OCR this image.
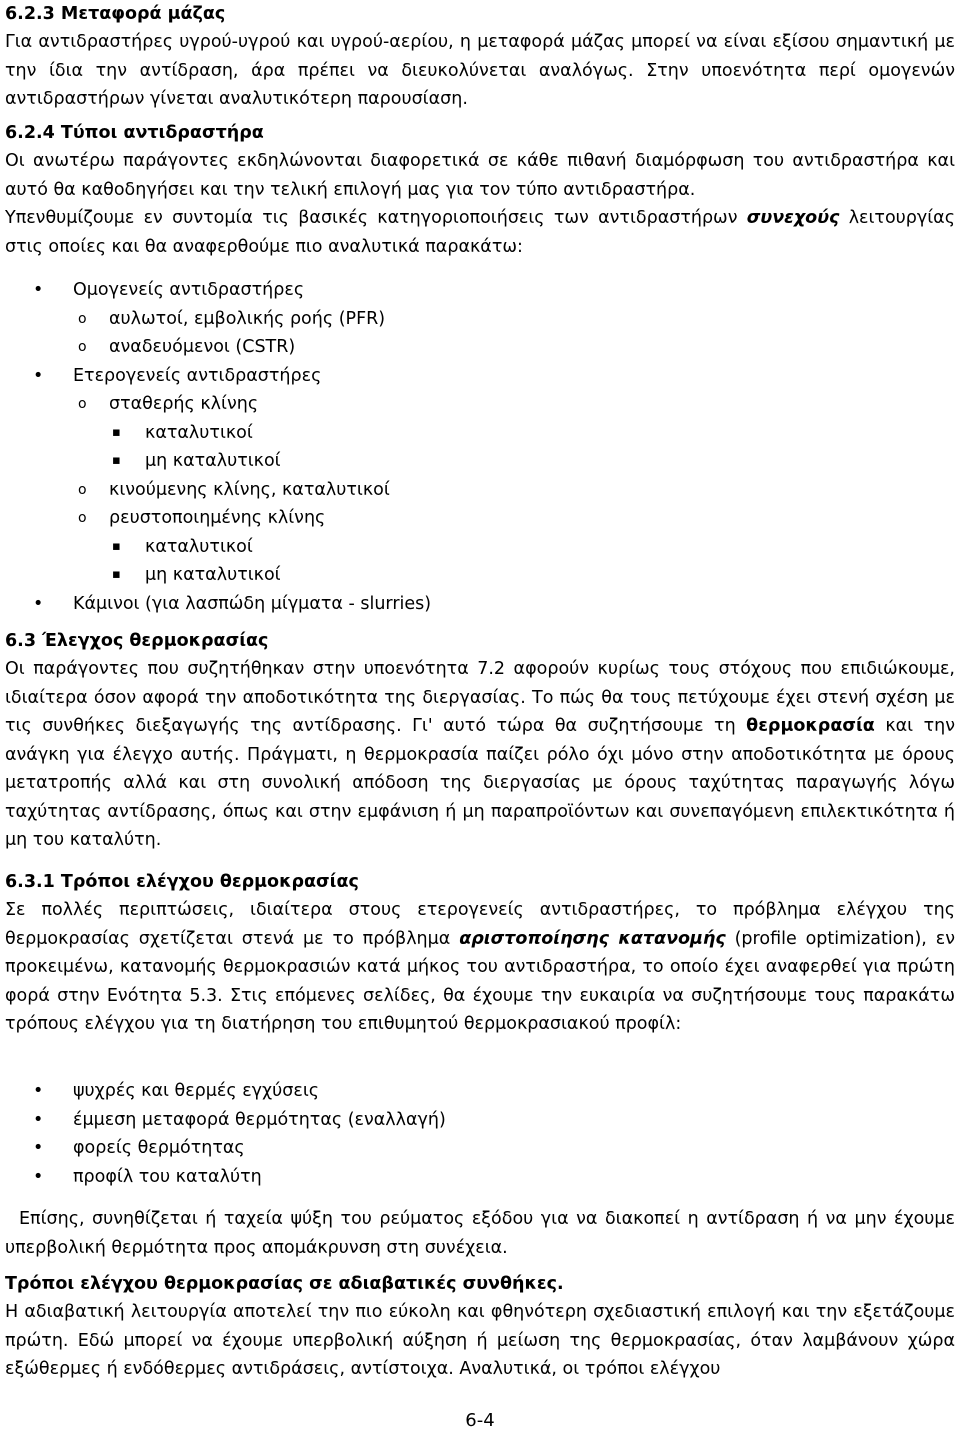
6.2.3 Μεταφορά μάζας

Για αντιδραστήρες υγρού-υγρού και υγρού-αερίου, η μεταφορά μάζας μπορεί να είναι εξίσου σημαντική με την ίδια την αντίδραση, άρα πρέπει να διευκολύνεται αναλόγως. Στην υποενότητα περί ομογενών αντιδραστήρων γίνεται αναλυτικότερη παρουσίαση.

6.2.4 Τύποι αντιδραστήρα

Οι ανωτέρω παράγοντες εκδηλώνονται διαφορετικά σε κάθε πιθανή διαμόρφωση του αντιδραστήρα και αυτό θα καθοδηγήσει και την τελική επιλογή μας για τον τύπο αντιδραστήρα.

Υπενθυμίζουμε εν συντομία τις βασικές κατηγοριοποιήσεις των αντιδραστήρων συνεχούς λειτουργίας στις οποίες και θα αναφερθούμε πιο αναλυτικά παρακάτω:

• Ομογενείς αντιδραστήρες
o αυλωτοί, εμβολικής ροής (PFR)
o αναδευόμενοι (CSTR)
• Ετερογενείς αντιδραστήρες
o σταθερής κλίνης
▪ καταλυτικοί
▪ μη καταλυτικοί
o κινούμενης κλίνης, καταλυτικοί
o ρευστοποιημένης κλίνης
▪ καταλυτικοί
▪ μη καταλυτικοί
• Κάμινοι (για λασπώδη μίγματα - slurries)
6.3 Έλεγχος θερμοκρασίας

Οι παράγοντες που συζητήθηκαν στην υποενότητα 7.2 αφορούν κυρίως τους στόχους που επιδιώκουμε, ιδιαίτερα όσον αφορά την αποδοτικότητα της διεργασίας. Το πώς θα τους πετύχουμε έχει στενή σχέση με τις συνθήκες διεξαγωγής της αντίδρασης. Γι' αυτό τώρα θα συζητήσουμε τη θερμοκρασία και την ανάγκη για έλεγχο αυτής. Πράγματι, η θερμοκρασία παίζει ρόλο όχι μόνο στην αποδοτικότητα με όρους μετατροπής αλλά και στη συνολική απόδοση της διεργασίας με όρους ταχύτητας παραγωγής λόγω ταχύτητας αντίδρασης, όπως και στην εμφάνιση ή μη παραπροϊόντων και συνεπαγόμενη επιλεκτικότητα ή μη του καταλύτη.

6.3.1 Τρόποι ελέγχου θερμοκρασίας

Σε πολλές περιπτώσεις, ιδιαίτερα στους ετερογενείς αντιδραστήρες, το πρόβλημα ελέγχου της θερμοκρασίας σχετίζεται στενά με το πρόβλημα αριστοποίησης κατανομής (profile optimization), εν προκειμένω, κατανομής θερμοκρασιών κατά μήκος του αντιδραστήρα, το οποίο έχει αναφερθεί για πρώτη φορά στην Ενότητα 5.3. Στις επόμενες σελίδες, θα έχουμε την ευκαιρία να συζητήσουμε τους παρακάτω τρόπους ελέγχου για τη διατήρηση του επιθυμητού θερμοκρασιακού προφίλ:

• ψυχρές και θερμές εγχύσεις
• έμμεση μεταφορά θερμότητας (εναλλαγή)
• φορείς θερμότητας
• προφίλ του καταλύτη

Επίσης, συνηθίζεται ή ταχεία ψύξη του ρεύματος εξόδου για να διακοπεί η αντίδραση ή να μην έχουμε υπερβολική θερμότητα προς απομάκρυνση στη συνέχεια.

Τρόποι ελέγχου θερμοκρασίας σε αδιαβατικές συνθήκες.

Η αδιαβατική λειτουργία αποτελεί την πιο εύκολη και φθηνότερη σχεδιαστική επιλογή και την εξετάζουμε πρώτη. Εδώ μπορεί να έχουμε υπερβολική αύξηση ή μείωση της θερμοκρασίας, όταν λαμβάνουν χώρα εξώθερμες ή ενδόθερμες αντιδράσεις, αντίστοιχα. Αναλυτικά, οι τρόποι ελέγχου

6-4
